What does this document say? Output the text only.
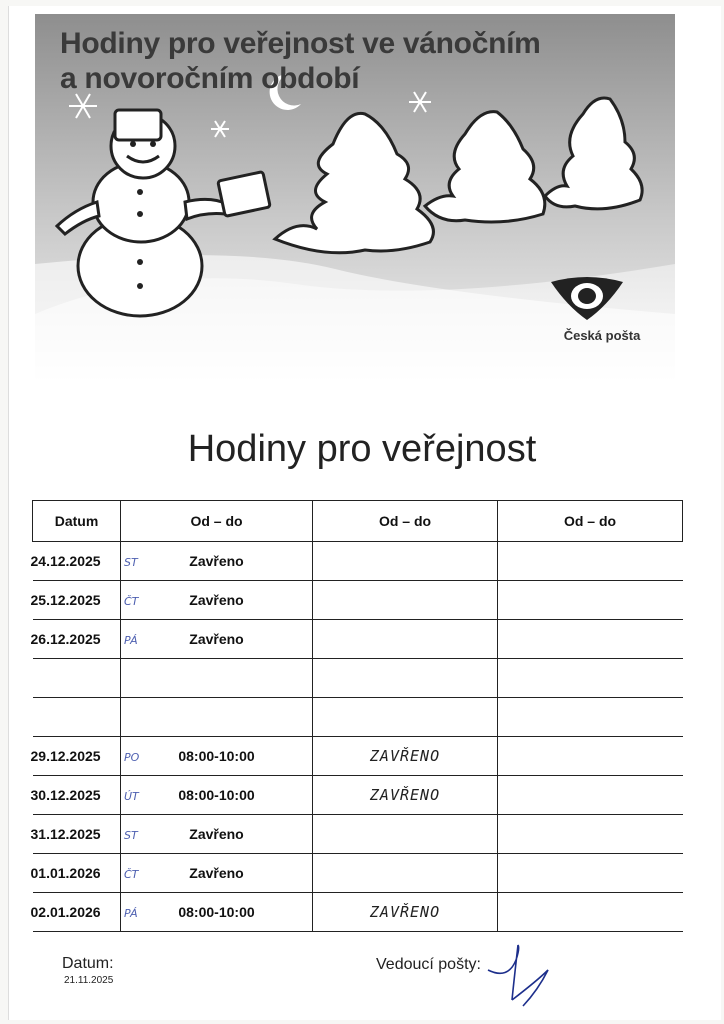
Hodiny pro veřejnost ve vánočním
a novoročním období
Česká pošta
Hodiny pro veřejnost
Datum	Od – do	Od – do	Od – do
24.12.2025	ST Zavřeno		
25.12.2025	ČT Zavřeno		
26.12.2025	PÁ Zavřeno		

29.12.2025	PO 08:00-10:00	ZAVŘENO	
30.12.2025	ÚT 08:00-10:00	ZAVŘENO	
31.12.2025	ST Zavřeno		
01.01.2026	ČT Zavřeno		
02.01.2026	PÁ 08:00-10:00	ZAVŘENO	
Datum:
21.11.2025
Vedoucí pošty:
